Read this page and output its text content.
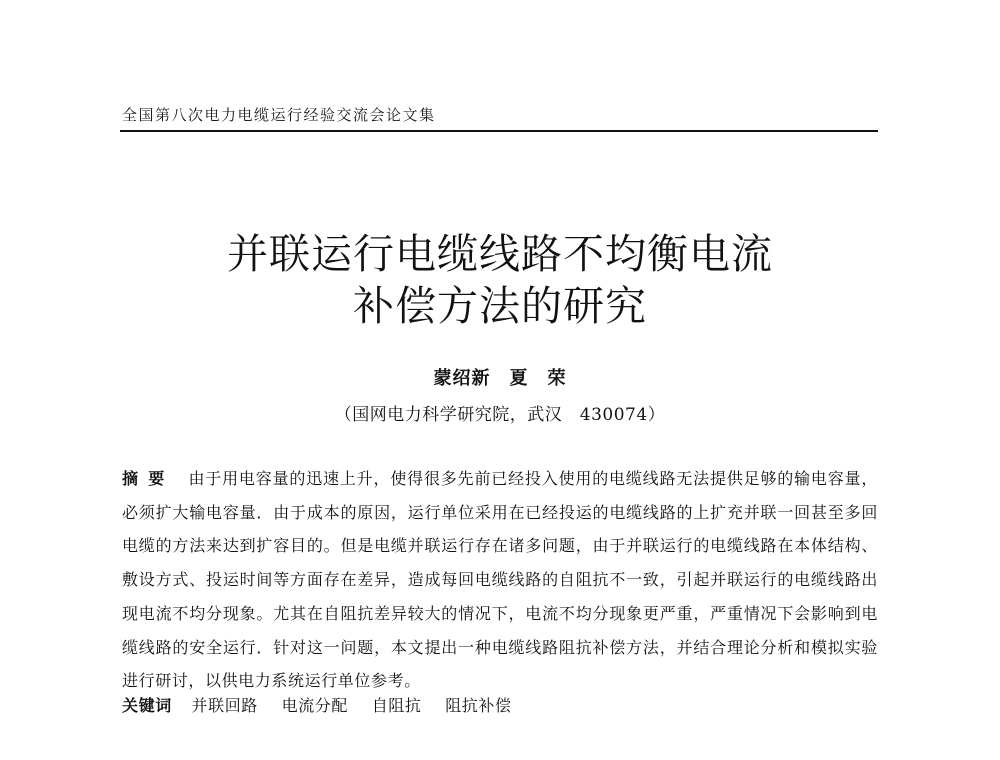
全国第八次电力电缆运行经验交流会论文集
并联运行电缆线路不均衡电流
补偿方法的研究
蒙绍新　夏　荣
（国网电力科学研究院，武汉　430074）
摘要 由于用电容量的迅速上升，使得很多先前已经投入使用的电缆线路无法提供足够的输电容量，必须扩大输电容量．由于成本的原因，运行单位采用在已经投运的电缆线路的上扩充并联一回甚至多回电缆的方法来达到扩容目的。但是电缆并联运行存在诸多问题，由于并联运行的电缆线路在本体结构、敷设方式、投运时间等方面存在差异，造成每回电缆线路的自阻抗不一致，引起并联运行的电缆线路出现电流不均分现象。尤其在自阻抗差异较大的情况下，电流不均分现象更严重，严重情况下会影响到电缆线路的安全运行．针对这一问题，本文提出一种电缆线路阻抗补偿方法，并结合理论分析和模拟实验进行研讨，以供电力系统运行单位参考。
关键词 并联回路 电流分配 自阻抗 阻抗补偿
